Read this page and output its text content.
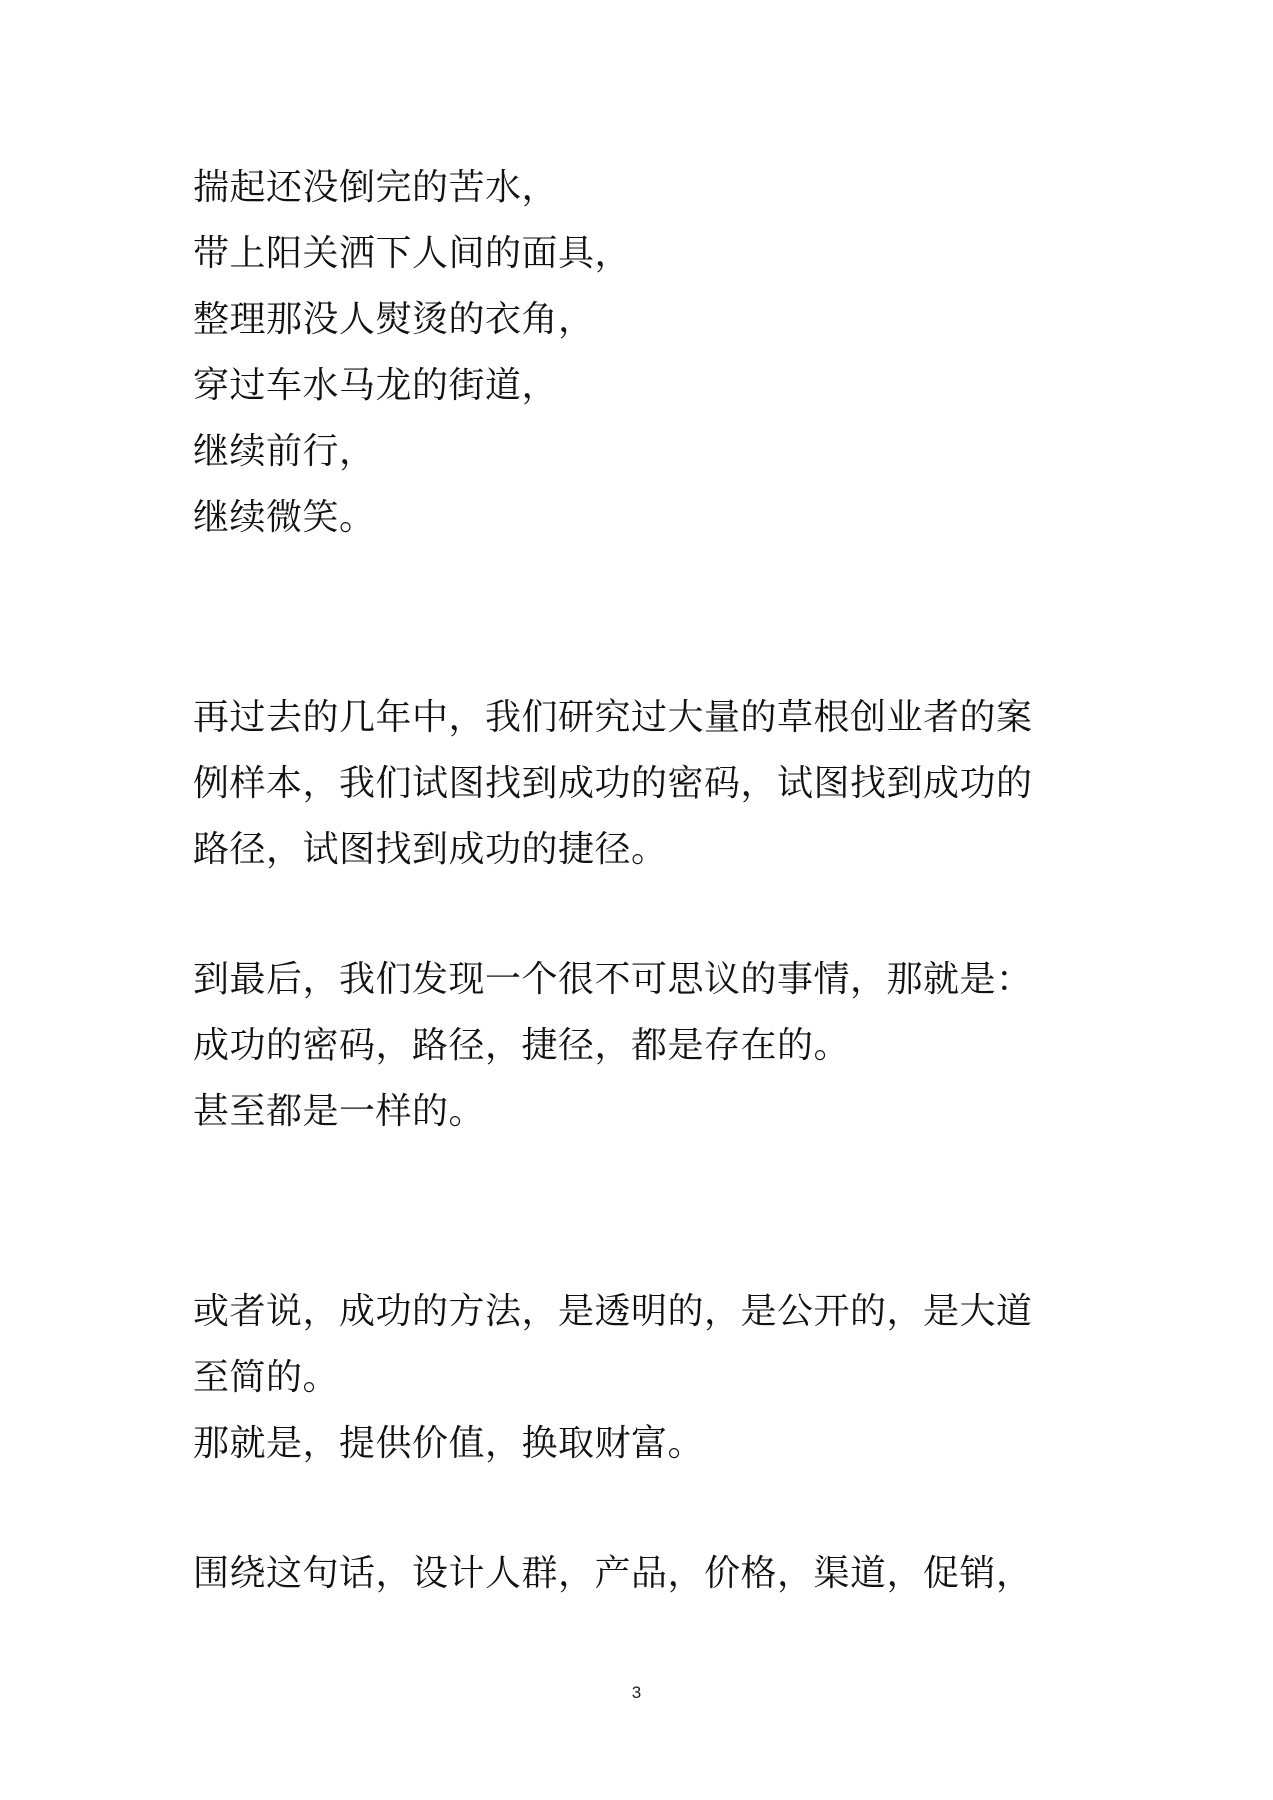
揣起还没倒完的苦水，
带上阳关洒下人间的面具，
整理那没人熨烫的衣角，
穿过车水马龙的街道，
继续前行，
继续微笑。
再过去的几年中，我们研究过大量的草根创业者的案
例样本，我们试图找到成功的密码，试图找到成功的
路径，试图找到成功的捷径。
到最后，我们发现一个很不可思议的事情，那就是：
成功的密码，路径，捷径，都是存在的。
甚至都是一样的。
或者说，成功的方法，是透明的，是公开的，是大道
至简的。
那就是，提供价值，换取财富。
围绕这句话，设计人群，产品，价格，渠道，促销，
3
